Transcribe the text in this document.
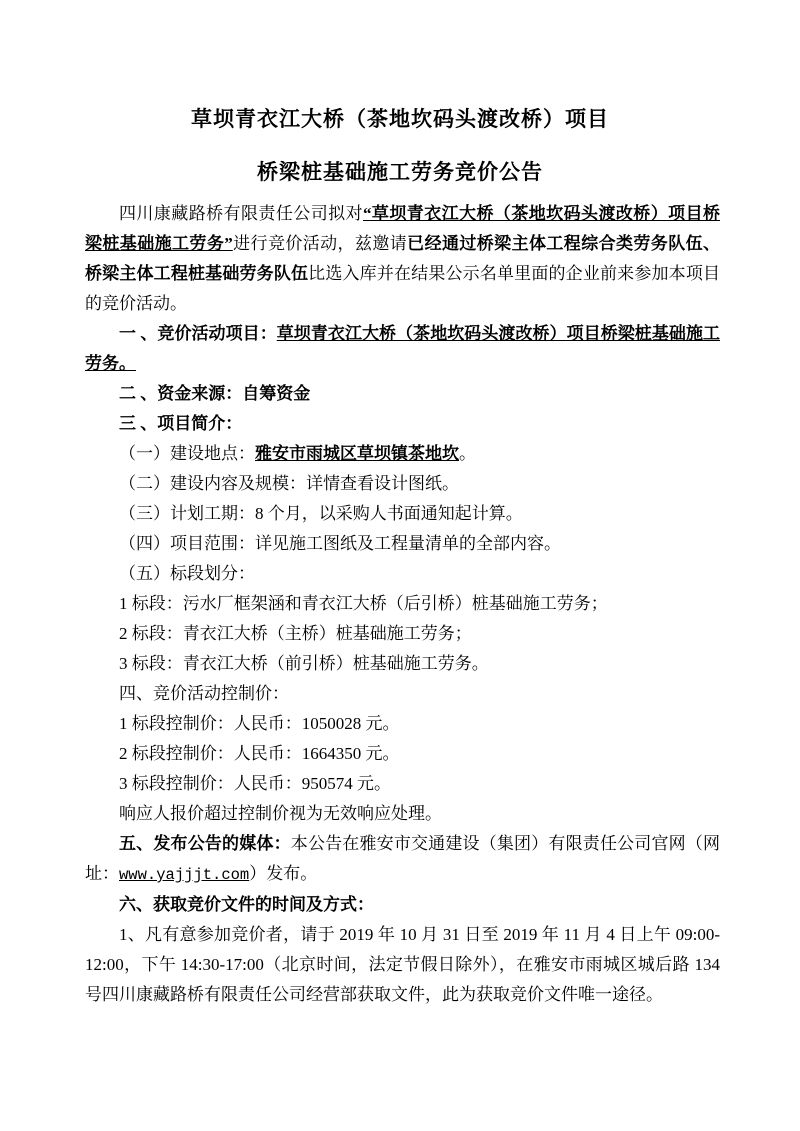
草坝青衣江大桥（茶地坎码头渡改桥）项目
桥梁桩基础施工劳务竞价公告

四川康藏路桥有限责任公司拟对“草坝青衣江大桥（茶地坎码头渡改桥）项目桥梁桩基础施工劳务”进行竞价活动，兹邀请已经通过桥梁主体工程综合类劳务队伍、桥梁主体工程桩基础劳务队伍比选入库并在结果公示名单里面的企业前来参加本项目的竞价活动。

一 、竞价活动项目：草坝青衣江大桥（茶地坎码头渡改桥）项目桥梁桩基础施工劳务。

二 、资金来源：自筹资金

三 、项目简介：

（一）建设地点：雅安市雨城区草坝镇茶地坎。

（二）建设内容及规模：详情查看设计图纸。

（三）计划工期：8 个月，以采购人书面通知起计算。

（四）项目范围：详见施工图纸及工程量清单的全部内容。

（五）标段划分：

1 标段：污水厂框架涵和青衣江大桥（后引桥）桩基础施工劳务；

2 标段：青衣江大桥（主桥）桩基础施工劳务；

3 标段：青衣江大桥（前引桥）桩基础施工劳务。

四、竞价活动控制价：

1 标段控制价：人民币：1050028 元。

2 标段控制价：人民币：1664350 元。

3 标段控制价：人民币：950574 元。

响应人报价超过控制价视为无效响应处理。

五、发布公告的媒体：本公告在雅安市交通建设（集团）有限责任公司官网（网址：www.yajjjt.com）发布。

六、获取竞价文件的时间及方式：

1、凡有意参加竞价者，请于 2019 年 10 月 31 日至 2019 年 11 月 4 日上午 09:00-12:00，下午 14:30-17:00（北京时间，法定节假日除外），在雅安市雨城区城后路 134 号四川康藏路桥有限责任公司经营部获取文件，此为获取竞价文件唯一途径。
